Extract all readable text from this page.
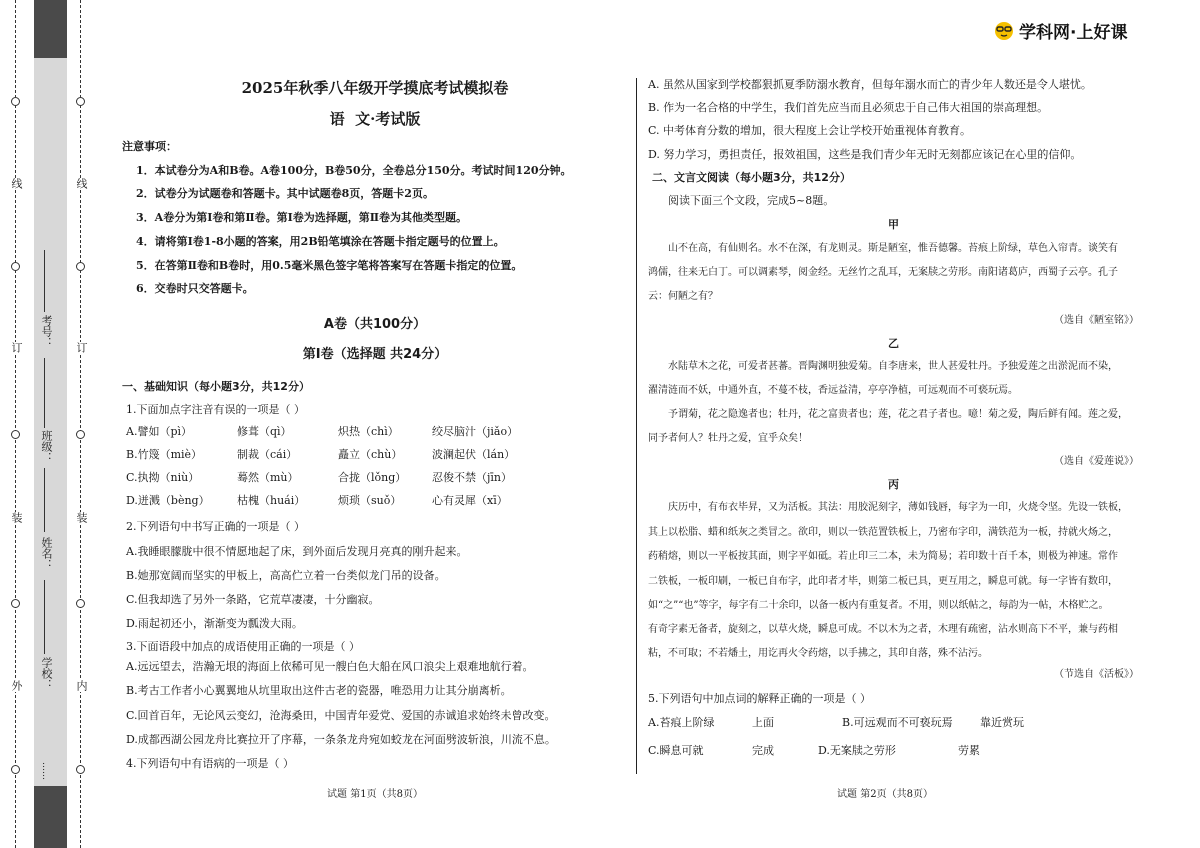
线
订
装
外
线
订
装
内
考号：
班级：
姓名：
学校：
……
学科网·上好课
2025年秋季八年级开学摸底考试模拟卷
语  文·考试版
注意事项：
1．本试卷分为A和B卷。A卷100分，B卷50分，全卷总分150分。考试时间120分钟。
2．试卷分为试题卷和答题卡。其中试题卷8页，答题卡2页。
3．A卷分为第Ⅰ卷和第Ⅱ卷。第Ⅰ卷为选择题，第Ⅱ卷为其他类型题。
4．请将第Ⅰ卷1-8小题的答案，用2B铅笔填涂在答题卡指定题号的位置上。
5．在答第Ⅱ卷和B卷时，用0.5毫米黑色签字笔将答案写在答题卡指定的位置。
6．交卷时只交答题卡。
A卷（共100分）
第Ⅰ卷（选择题 共24分）
一、基础知识（每小题3分，共12分）
1.下面加点字注音有误的一项是（ ）
A.譬如（pì）	修葺（qì）	炽热（chì）	绞尽脑汁（jiǎo）
B.竹篾（miè）	制裁（cái）	矗立（chù）	波澜起伏（lán）
C.执拗（niù）	蓦然（mù）	合拢（lǒng） 忍俊不禁（jīn）
D.迸溅（bèng） 枯槐（huái）	烦琐（suǒ）	心有灵犀（xī）
2.下列语句中书写正确的一项是（ ）
A.我睡眼朦胧中很不情愿地起了床，到外面后发现月亮真的刚升起来。
B.她那宽阔而坚实的甲板上，高高伫立着一台类似龙门吊的设备。
C.但我却选了另外一条路，它荒草凄凄，十分幽寂。
D.雨起初还小，渐渐变为瓢泼大雨。
3.下面语段中加点的成语使用正确的一项是（ ）
A.远远望去，浩瀚无垠的海面上依稀可见一艘白色大船在风口浪尖上艰难地航行着。
B.考古工作者小心翼翼地从坑里取出这件古老的瓷器，唯恐用力让其分崩离析。
C.回首百年，无论风云变幻，沧海桑田，中国青年爱党、爱国的赤诚追求始终未曾改变。
D.成都西湖公园龙舟比赛拉开了序幕，一条条龙舟宛如蛟龙在河面劈波斩浪，川流不息。
4.下列语句中有语病的一项是（ ）
试题 第1页（共8页）
A. 虽然从国家到学校都狠抓夏季防溺水教育，但每年溺水而亡的青少年人数还是令人堪忧。
B. 作为一名合格的中学生，我们首先应当而且必须忠于自己伟大祖国的崇高理想。
C. 中考体育分数的增加，很大程度上会让学校开始重视体育教育。
D. 努力学习，勇担责任，报效祖国，这些是我们青少年无时无刻都应该记在心里的信仰。
二、文言文阅读（每小题3分，共12分）
阅读下面三个文段，完成5~8题。
甲
山不在高，有仙则名。水不在深，有龙则灵。斯是陋室，惟吾德馨。苔痕上阶绿，草色入帘青。谈笑有
鸿儒，往来无白丁。可以调素琴，阅金经。无丝竹之乱耳，无案牍之劳形。南阳诸葛庐，西蜀子云亭。孔子
云：何陋之有？
（选自《陋室铭》）
乙
水陆草木之花，可爱者甚蕃。晋陶渊明独爱菊。自李唐来，世人甚爱牡丹。予独爱莲之出淤泥而不染，
濯清涟而不妖，中通外直，不蔓不枝，香远益清，亭亭净植，可远观而不可亵玩焉。
予谓菊，花之隐逸者也；牡丹，花之富贵者也；莲，花之君子者也。噫！菊之爱，陶后鲜有闻。莲之爱，
同予者何人？牡丹之爱，宜乎众矣！
（选自《爱莲说》）
丙
庆历中，有布衣毕昇，又为活板。其法：用胶泥刻字，薄如钱唇，每字为一印，火烧令坚。先设一铁板，
其上以松脂、蜡和纸灰之类冒之。欲印，则以一铁范置铁板上，乃密布字印，满铁范为一板，持就火炀之，
药稍熔，则以一平板按其面，则字平如砥。若止印三二本，未为简易；若印数十百千本，则极为神速。常作
二铁板，一板印刷，一板已自布字，此印者才毕，则第二板已具，更互用之，瞬息可就。每一字皆有数印，
如“之”“也”等字，每字有二十余印，以备一板内有重复者。不用，则以纸帖之，每韵为一帖，木格贮之。
有奇字素无备者，旋刻之，以草火烧，瞬息可成。不以木为之者，木理有疏密，沾水则高下不平，兼与药相
粘，不可取；不若燔土，用讫再火令药熔，以手拂之，其印自落，殊不沾污。
（节选自《活板》）
5.下列语句中加点词的解释正确的一项是（ ）
A.苔痕上阶绿	上面	B.可远观而不可亵玩焉 靠近赏玩
C.瞬息可就	完成	D.无案牍之劳形	劳累
试题 第2页（共8页）
